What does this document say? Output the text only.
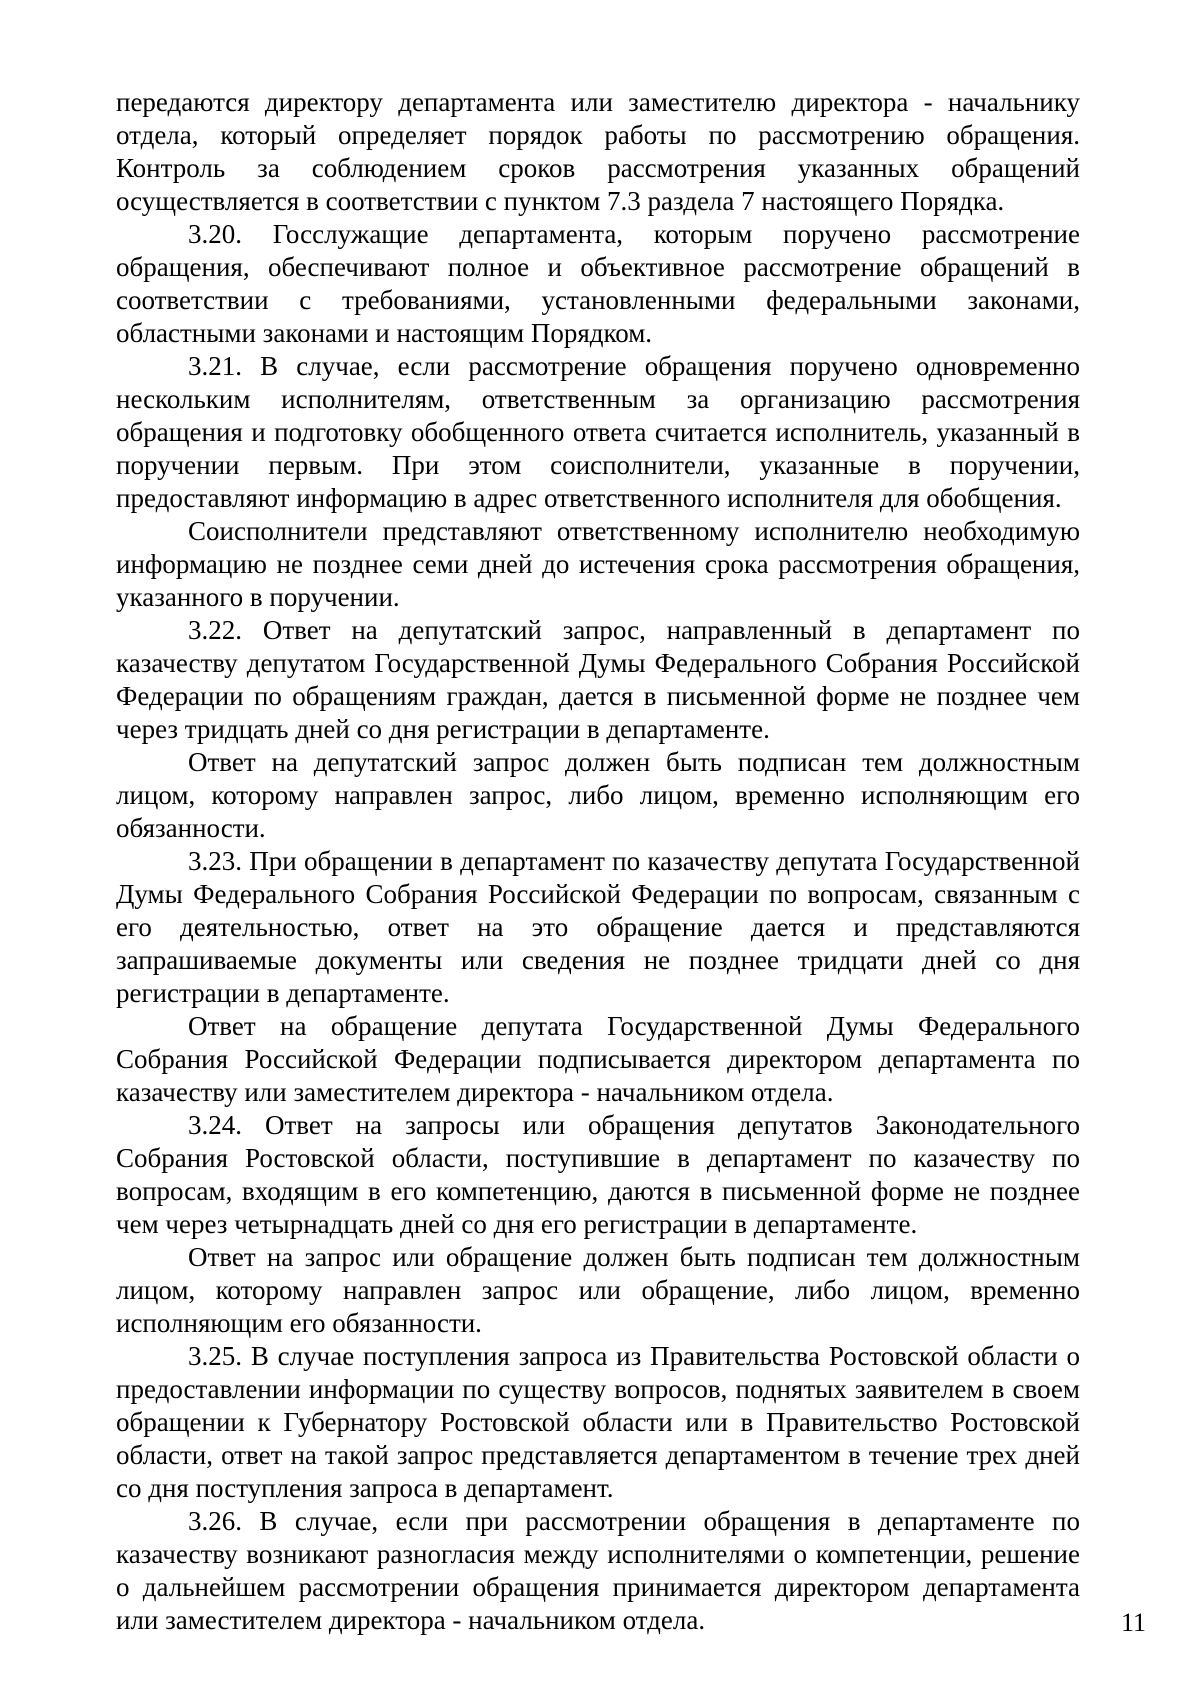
передаются директору департамента или заместителю директора - начальнику отдела, который определяет порядок работы по рассмотрению обращения. Контроль за соблюдением сроков рассмотрения указанных обращений осуществляется в соответствии с пунктом 7.3 раздела 7 настоящего Порядка.

3.20. Госслужащие департамента, которым поручено рассмотрение обращения, обеспечивают полное и объективное рассмотрение обращений в соответствии с требованиями, установленными федеральными законами, областными законами и настоящим Порядком.

3.21. В случае, если рассмотрение обращения поручено одновременно нескольким исполнителям, ответственным за организацию рассмотрения обращения и подготовку обобщенного ответа считается исполнитель, указанный в поручении первым. При этом соисполнители, указанные в поручении, предоставляют информацию в адрес ответственного исполнителя для обобщения.

Соисполнители представляют ответственному исполнителю необходимую информацию не позднее семи дней до истечения срока рассмотрения обращения, указанного в поручении.

3.22. Ответ на депутатский запрос, направленный в департамент по казачеству депутатом Государственной Думы Федерального Собрания Российской Федерации по обращениям граждан, дается в письменной форме не позднее чем через тридцать дней со дня регистрации в департаменте.

Ответ на депутатский запрос должен быть подписан тем должностным лицом, которому направлен запрос, либо лицом, временно исполняющим его обязанности.

3.23. При обращении в департамент по казачеству депутата Государственной Думы Федерального Собрания Российской Федерации по вопросам, связанным с его деятельностью, ответ на это обращение дается и представляются запрашиваемые документы или сведения не позднее тридцати дней со дня регистрации в департаменте.

Ответ на обращение депутата Государственной Думы Федерального Собрания Российской Федерации подписывается директором департамента по казачеству или заместителем директора - начальником отдела.

3.24. Ответ на запросы или обращения депутатов Законодательного Собрания Ростовской области, поступившие в департамент по казачеству по вопросам, входящим в его компетенцию, даются в письменной форме не позднее чем через четырнадцать дней со дня его регистрации в департаменте.

Ответ на запрос или обращение должен быть подписан тем должностным лицом, которому направлен запрос или обращение, либо лицом, временно исполняющим его обязанности.

3.25. В случае поступления запроса из Правительства Ростовской области о предоставлении информации по существу вопросов, поднятых заявителем в своем обращении к Губернатору Ростовской области или в Правительство Ростовской области, ответ на такой запрос представляется департаментом в течение трех дней со дня поступления запроса в департамент.

3.26. В случае, если при рассмотрении обращения в департаменте по казачеству возникают разногласия между исполнителями о компетенции, решение о дальнейшем рассмотрении обращения принимается директором департамента или заместителем директора - начальником отдела.	11
